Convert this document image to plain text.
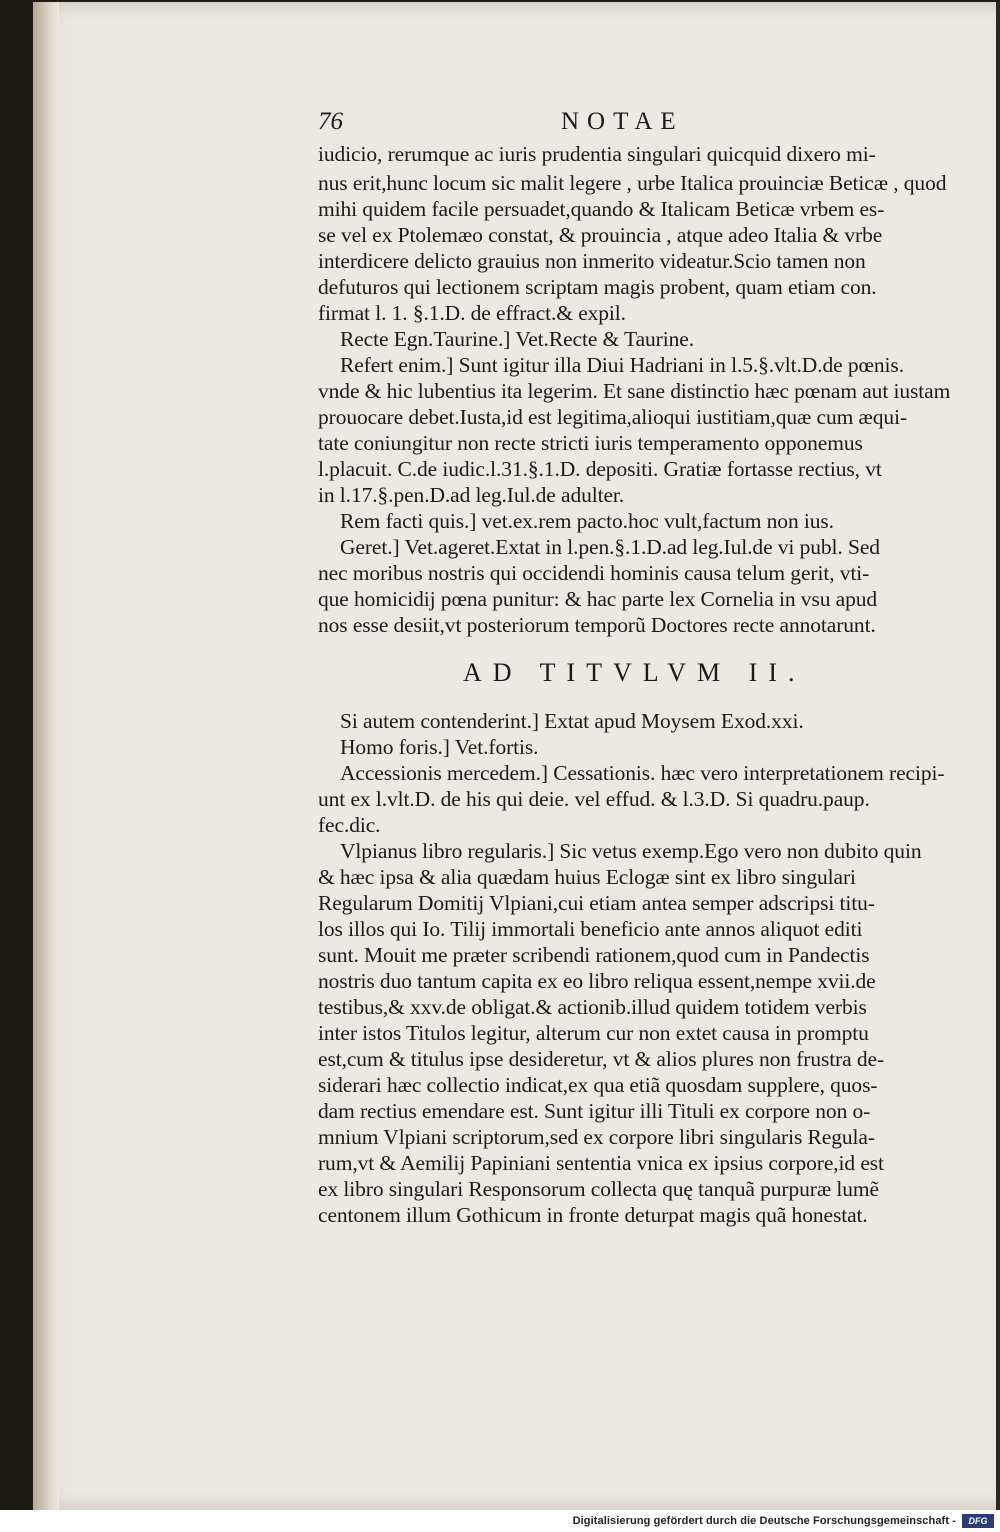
76	NOTAE
iudicio, rerumque ac iuris prudentia singulari quicquid dixero mi-
nus erit,hunc locum sic malit legere , urbe Italica prouinciæ Beticæ , quod
mihi quidem facile persuadet,quando & Italicam Beticæ vrbem es-
se vel ex Ptolemæo constat, & prouincia , atque adeo Italia & vrbe
interdicere delicto grauius non inmerito videatur.Scio tamen non
defuturos qui lectionem scriptam magis probent, quam etiam con.
firmat l. 1. §.1.D. de effract.& expil.
Recte Egn.Taurine.] Vet.Recte & Taurine.
Refert enim.] Sunt igitur illa Diui Hadriani in l.5.§.vlt.D.de pœnis.
vnde & hic lubentius ita legerim. Et sane distinctio hæc pœnam aut iustam
prouocare debet.Iusta,id est legitima,alioqui iustitiam,quæ cum æqui-
tate coniungitur non recte stricti iuris temperamento opponemus
l.placuit. C.de iudic.l.31.§.1.D. depositi. Gratiæ fortasse rectius, vt
in l.17.§.pen.D.ad leg.Iul.de adulter.
Rem facti quis.] vet.ex.rem pacto.hoc vult,factum non ius.
Geret.] Vet.ageret.Extat in l.pen.§.1.D.ad leg.Iul.de vi publ. Sed
nec moribus nostris qui occidendi hominis causa telum gerit, vti-
que homicidij pœna punitur: & hac parte lex Cornelia in vsu apud
nos esse desiit,vt posteriorum temporũ Doctores recte annotarunt.
AD TITVLVM II.
Si autem contenderint.] Extat apud Moysem Exod.xxi.
Homo foris.] Vet.fortis.
Accessionis mercedem.] Cessationis. hæc vero interpretationem recipi-
unt ex l.vlt.D. de his qui deie. vel effud. & l.3.D. Si quadru.paup.
fec.dic.
Vlpianus libro regularis.] Sic vetus exemp.Ego vero non dubito quin
& hæc ipsa & alia quædam huius Eclogæ sint ex libro singulari
Regularum Domitij Vlpiani,cui etiam antea semper adscripsi titu-
los illos qui Io. Tilij immortali beneficio ante annos aliquot editi
sunt. Mouit me præter scribendi rationem,quod cum in Pandectis
nostris duo tantum capita ex eo libro reliqua essent,nempe xvii.de
testibus,& xxv.de obligat.& actionib.illud quidem totidem verbis
inter istos Titulos legitur, alterum cur non extet causa in promptu
est,cum & titulus ipse desideretur, vt & alios plures non frustra de-
siderari hæc collectio indicat,ex qua etiã quosdam supplere, quos-
dam rectius emendare est. Sunt igitur illi Tituli ex corpore non o-
mnium Vlpiani scriptorum,sed ex corpore libri singularis Regula-
rum,vt & Aemilij Papiniani sententia vnica ex ipsius corpore,id est
ex libro singulari Responsorum collecta quę tanquã purpuræ lumẽ
centonem illum Gothicum in fronte deturpat magis quã honestat.
Digitalisierung gefördert durch die Deutsche Forschungsgemeinschaft -	DFG
